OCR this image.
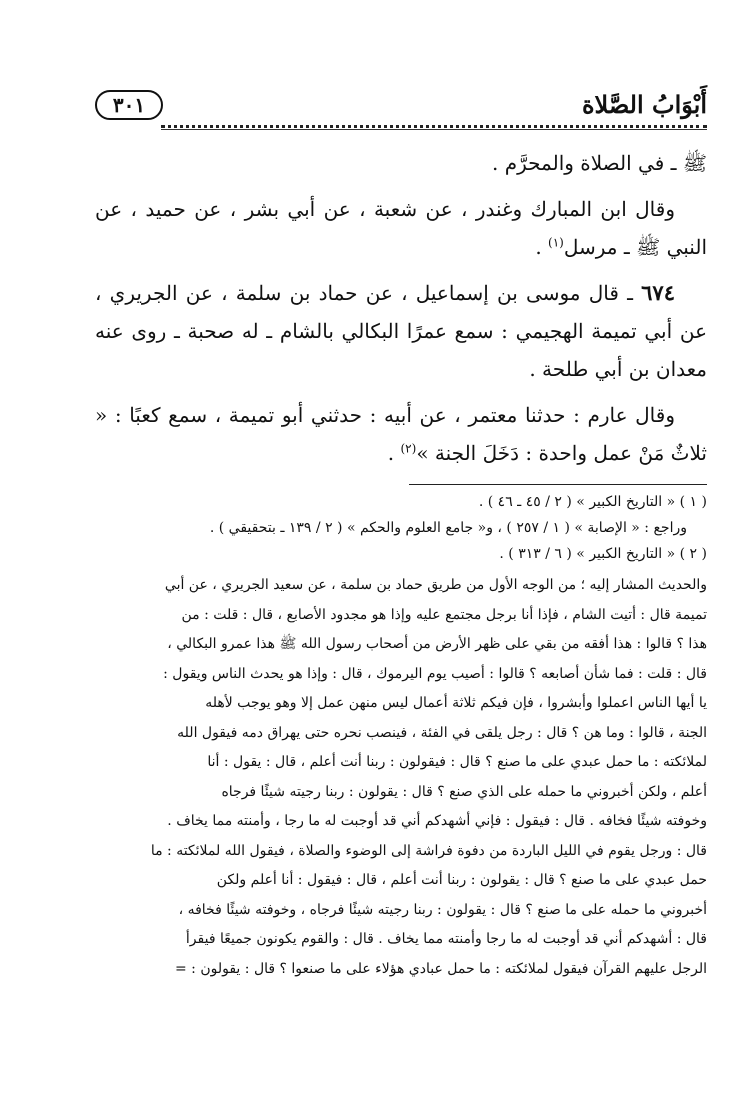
أَبْوَابُ الصَّلاة
٣٠١

ﷺ ـ في الصلاة والمحرَّم .

وقال ابن المبارك وغندر ، عن شعبة ، عن أبي بشر ، عن حميد ، عن النبي ﷺ ـ مرسل$^{(١)}$ .

٦٧٤ ـ قال موسى بن إسماعيل ، عن حماد بن سلمة ، عن الجريري ، عن أبي تميمة الهجيمي : سمع عمرًا البكالي بالشام ـ له صحبة ـ روى عنه معدان بن أبي طلحة .

وقال عارم : حدثنا معتمر ، عن أبيه : حدثني أبو تميمة ، سمع كعبًا : « ثلاثٌ مَنْ عمل واحدة : دَخَلَ الجنة »$^{(٢)}$ .

( ١ ) « التاريخ الكبير » ( ٢ / ٤٥ ـ ٤٦ ) .
وراجع : « الإصابة » ( ١ / ٢٥٧ ) ، و« جامع العلوم والحكم » ( ٢ / ١٣٩ ـ بتحقيقي ) .
( ٢ ) « التاريخ الكبير » ( ٦ / ٣١٣ ) .

والحديث المشار إليه ؛ من الوجه الأول من طريق حماد بن سلمة ، عن سعيد الجريري ، عن أبي

تميمة قال : أتيت الشام ، فإذا أنا برجل مجتمع عليه وإذا هو مجدود الأصابع ، قال : قلت : من

هذا ؟ قالوا : هذا أفقه من بقي على ظهر الأرض من أصحاب رسول الله ﷺ هذا عمرو البكالي ،

قال : قلت : فما شأن أصابعه ؟ قالوا : أصيب يوم اليرموك ، قال : وإذا هو يحدث الناس ويقول :

يا أيها الناس اعملوا وأبشروا ، فإن فيكم ثلاثة أعمال ليس منهن عمل إلا وهو يوجب لأهله

الجنة ، قالوا : وما هن ؟ قال : رجل يلقى في الفئة ، فينصب نحره حتى يهراق دمه فيقول الله

لملائكته : ما حمل عبدي على ما صنع ؟ قال : فيقولون : ربنا أنت أعلم ، قال : يقول : أنا

أعلم ، ولكن أخبروني ما حمله على الذي صنع ؟ قال : يقولون : ربنا رجيته شيئًا فرجاه

وخوفته شيئًا فخافه . قال : فيقول : فإني أشهدكم أني قد أوجبت له ما رجا ، وأمنته مما يخاف .

قال : ورجل يقوم في الليل الباردة من دفوة فراشة إلى الوضوء والصلاة ، فيقول الله لملائكته : ما

حمل عبدي على ما صنع ؟ قال : يقولون : ربنا أنت أعلم ، قال : فيقول : أنا أعلم ولكن

أخبروني ما حمله على ما صنع ؟ قال : يقولون : ربنا رجيته شيئًا فرجاه ، وخوفته شيئًا فخافه ،

قال : أشهدكم أني قد أوجبت له ما رجا وأمنته مما يخاف . قال : والقوم يكونون جميعًا فيقرأ

الرجل عليهم القرآن فيقول لملائكته : ما حمل عبادي هؤلاء على ما صنعوا ؟ قال : يقولون : =
